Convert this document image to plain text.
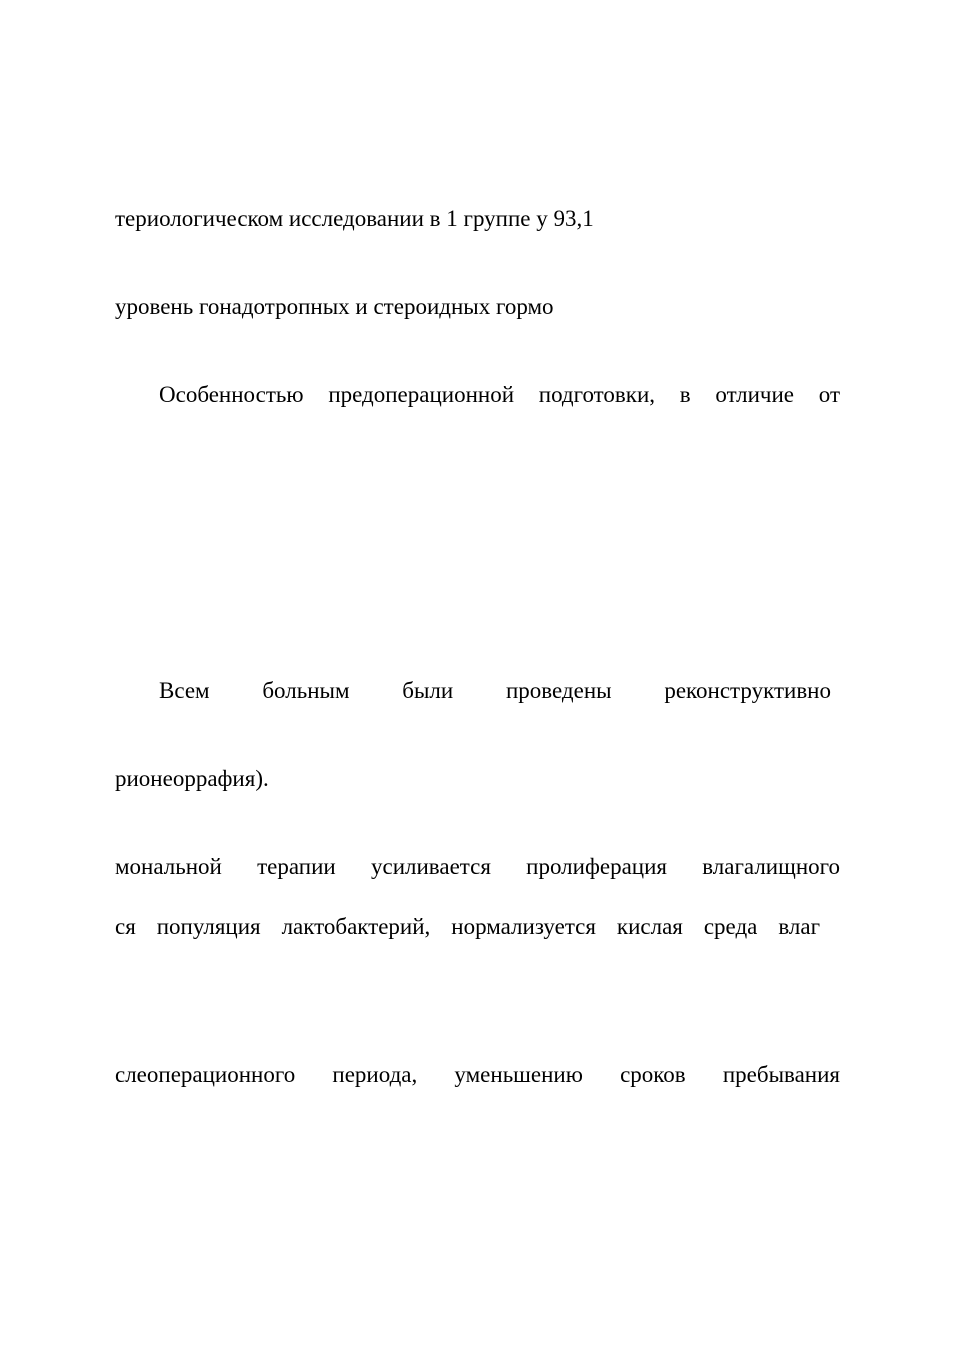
териологическом исследовании в 1 группе у 93,1
уровень гонадотропных и стероидных гормо
Особенностью предоперационной подготовки, в отличие от
Всем больным были проведены реконструктивно
рионеоррафия).
мональной терапии усиливается пролиферация влагалищного
ся популяция лактобактерий, нормализуется кислая среда влаг
слеоперационного периода, уменьшению сроков пребывания
